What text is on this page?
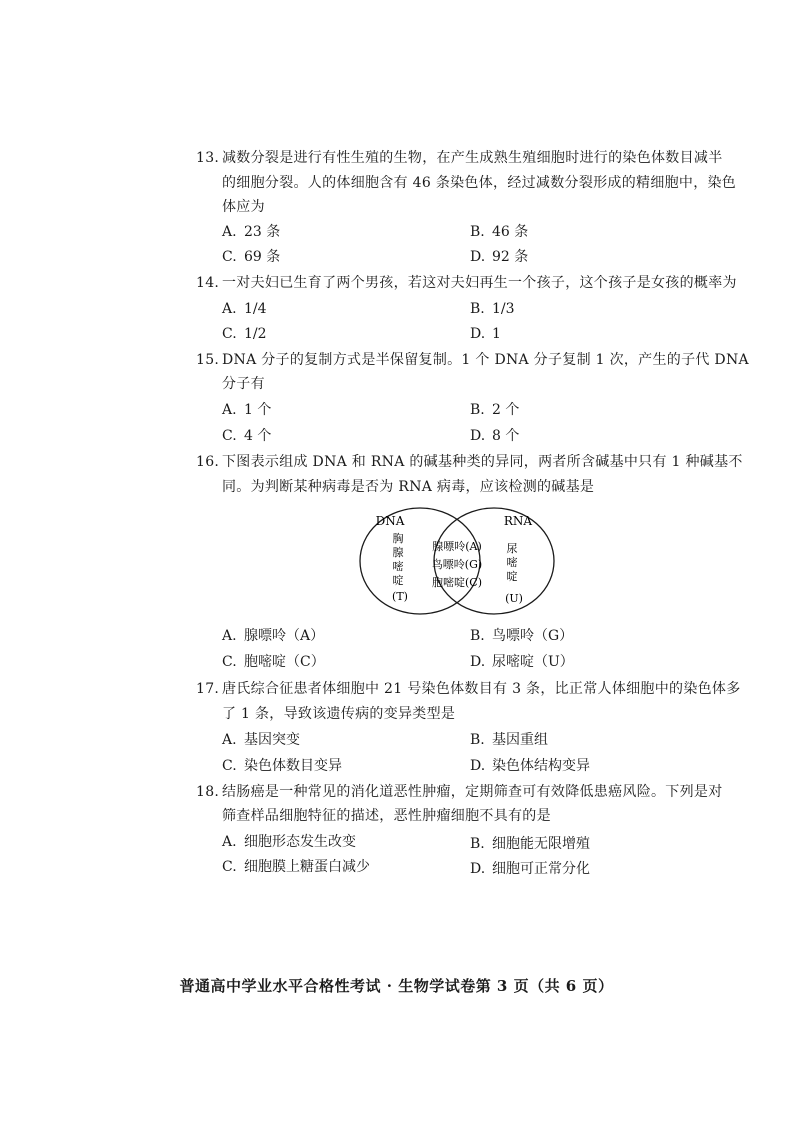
13. 减数分裂是进行有性生殖的生物，在产生成熟生殖细胞时进行的染色体数目减半
的细胞分裂。人的体细胞含有 46 条染色体，经过减数分裂形成的精细胞中，染色
体应为
A. 23 条	B. 46 条
C. 69 条	D. 92 条
14. 一对夫妇已生育了两个男孩，若这对夫妇再生一个孩子，这个孩子是女孩的概率为
A. 1/4	B. 1/3
C. 1/2	D. 1
15. DNA 分子的复制方式是半保留复制。1 个 DNA 分子复制 1 次，产生的子代 DNA
分子有
A. 1 个	B. 2 个
C. 4 个	D. 8 个
16. 下图表示组成 DNA 和 RNA 的碱基种类的异同，两者所含碱基中只有 1 种碱基不
同。为判断某种病毒是否为 RNA 病毒，应该检测的碱基是
DNA	RNA
胸
腺
嘧
啶
(T)
腺嘌呤(A)
鸟嘌呤(G)
胞嘧啶(C)
尿
嘧
啶
(U)
A. 腺嘌呤（A）	B. 鸟嘌呤（G）
C. 胞嘧啶（C）	D. 尿嘧啶（U）
17. 唐氏综合征患者体细胞中 21 号染色体数目有 3 条，比正常人体细胞中的染色体多
了 1 条，导致该遗传病的变异类型是
A. 基因突变	B. 基因重组
C. 染色体数目变异	D. 染色体结构变异
18. 结肠癌是一种常见的消化道恶性肿瘤，定期筛查可有效降低患癌风险。下列是对
筛查样品细胞特征的描述，恶性肿瘤细胞不具有的是
A. 细胞形态发生改变	B. 细胞能无限增殖
C. 细胞膜上糖蛋白减少	D. 细胞可正常分化
普通高中学业水平合格性考试 · 生物学试卷第 3 页（共 6 页）
